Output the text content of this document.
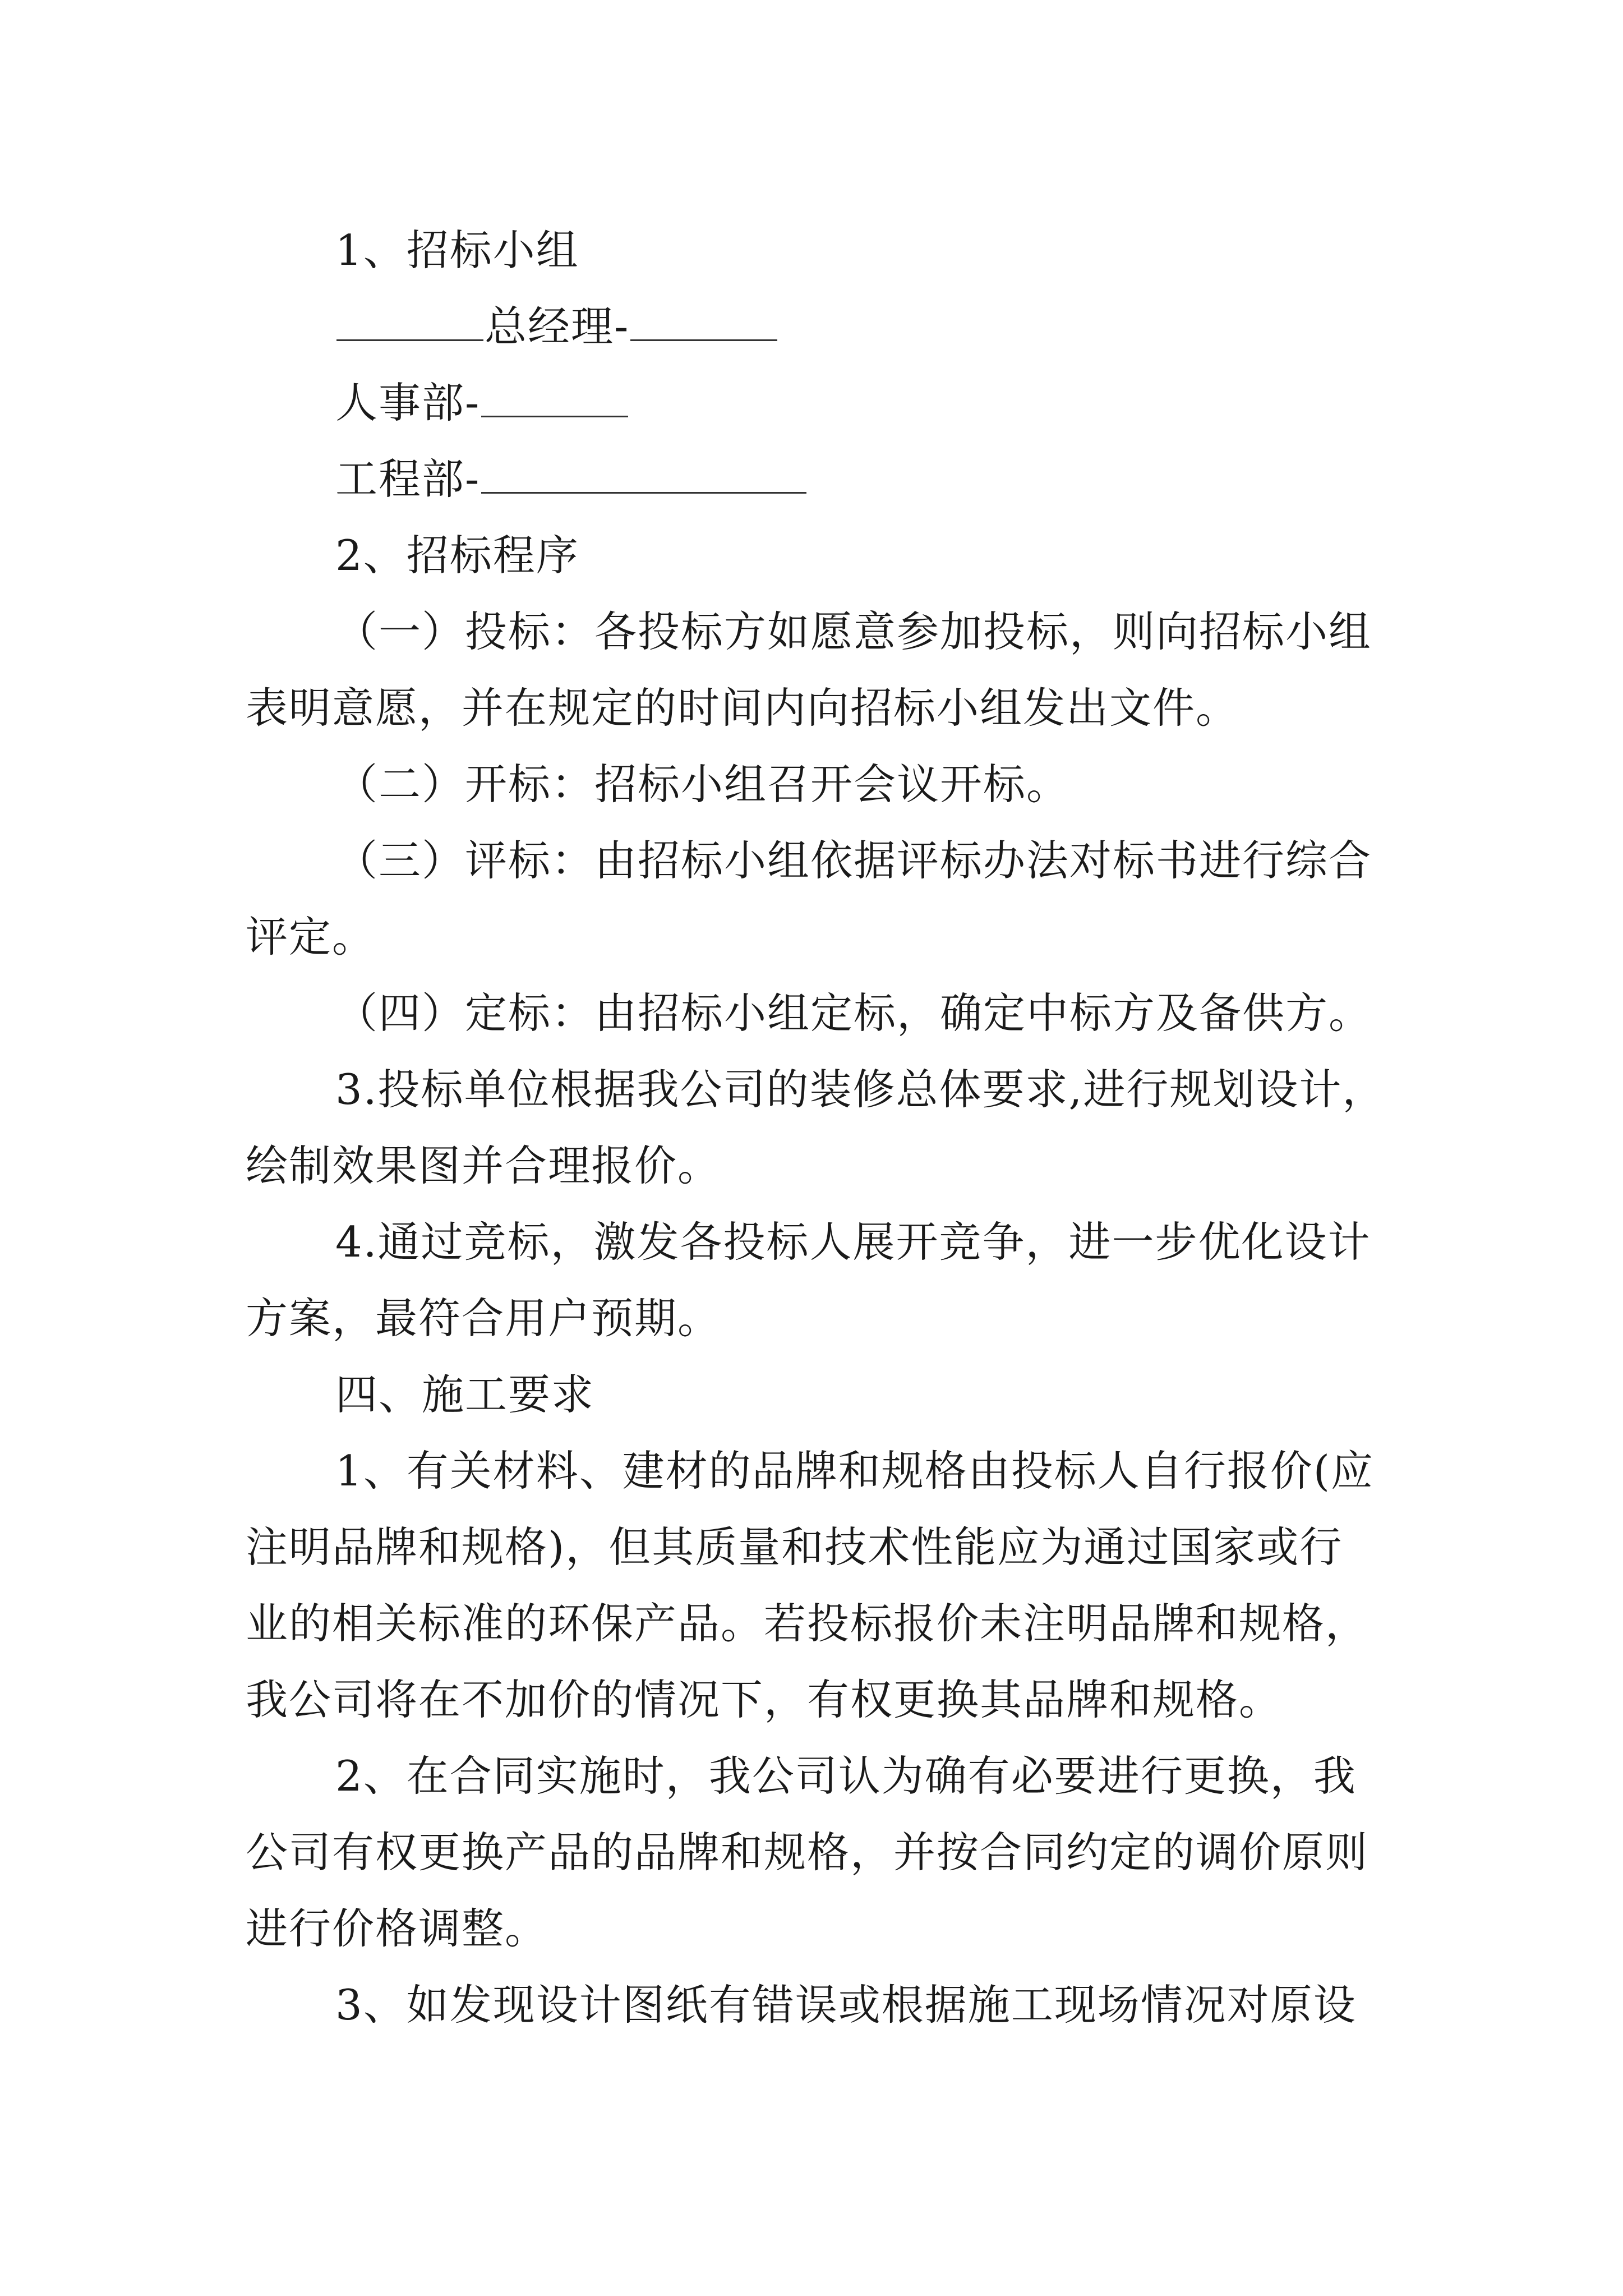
1、招标小组
总经理-
人事部-
工程部-
2、招标程序
（一）投标：各投标方如愿意参加投标，则向招标小组
表明意愿，并在规定的时间内向招标小组发出文件。
（二）开标：招标小组召开会议开标。
（三）评标：由招标小组依据评标办法对标书进行综合
评定。
（四）定标：由招标小组定标，确定中标方及备供方。
3.投标单位根据我公司的装修总体要求,进行规划设计，
绘制效果图并合理报价。
4.通过竞标，激发各投标人展开竞争，进一步优化设计
方案，最符合用户预期。
四、施工要求
1、有关材料、建材的品牌和规格由投标人自行报价(应
注明品牌和规格)，但其质量和技术性能应为通过国家或行
业的相关标准的环保产品。若投标报价未注明品牌和规格，
我公司将在不加价的情况下，有权更换其品牌和规格。
2、在合同实施时，我公司认为确有必要进行更换，我
公司有权更换产品的品牌和规格，并按合同约定的调价原则
进行价格调整。
3、如发现设计图纸有错误或根据施工现场情况对原设
